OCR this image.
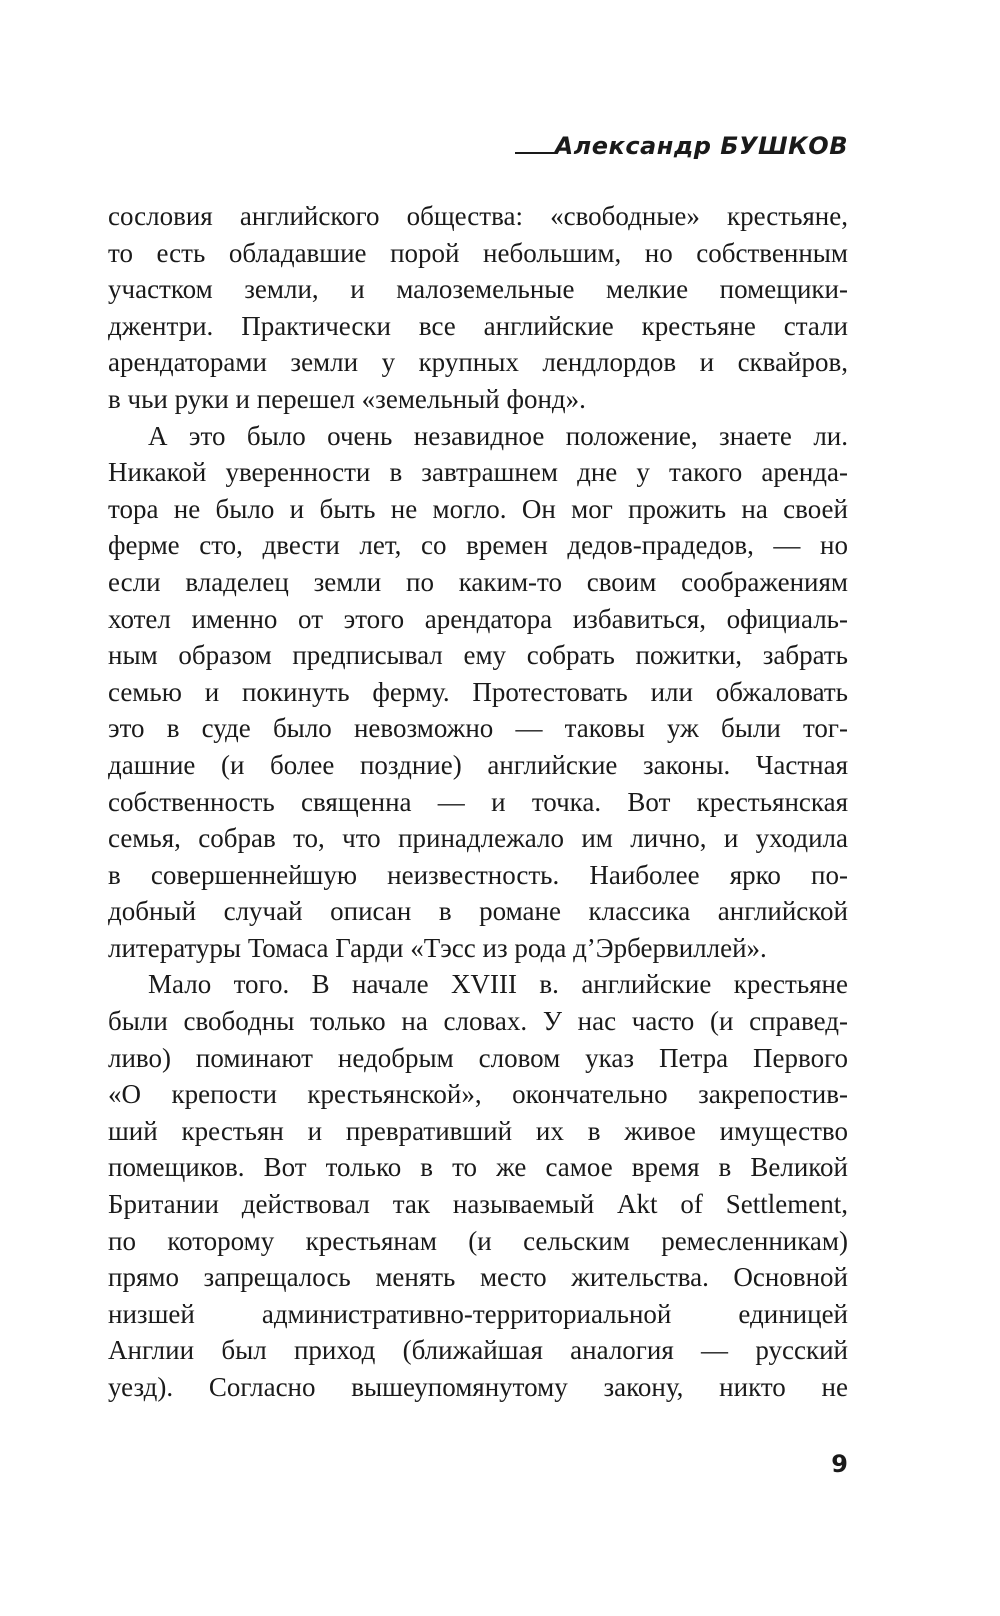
Александр БУШКОВ
сословия английского общества: «свободные» крестьяне,
то есть обладавшие порой небольшим, но собственным
участком земли, и малоземельные мелкие помещики-
джентри. Практически все английские крестьяне стали
арендаторами земли у крупных лендлордов и сквайров,
в чьи руки и перешел «земельный фонд».
А это было очень незавидное положение, знаете ли.
Никакой уверенности в завтрашнем дне у такого аренда-
тора не было и быть не могло. Он мог прожить на своей
ферме сто, двести лет, со времен дедов-прадедов, — но
если владелец земли по каким-то своим соображениям
хотел именно от этого арендатора избавиться, официаль-
ным образом предписывал ему собрать пожитки, забрать
семью и покинуть ферму. Протестовать или обжаловать
это в суде было невозможно — таковы уж были тог-
дашние (и более поздние) английские законы. Частная
собственность священна — и точка. Вот крестьянская
семья, собрав то, что принадлежало им лично, и уходила
в совершеннейшую неизвестность. Наиболее ярко по-
добный случай описан в романе классика английской
литературы Томаса Гарди «Тэсс из рода д’Эрбервиллей».
Мало того. В начале XVIII в. английские крестьяне
были свободны только на словах. У нас часто (и справед-
ливо) поминают недобрым словом указ Петра Первого
«О крепости крестьянской», окончательно закрепостив-
ший крестьян и превративший их в живое имущество
помещиков. Вот только в то же самое время в Великой
Британии действовал так называемый Akt of Settlement,
по которому крестьянам (и сельским ремесленникам)
прямо запрещалось менять место жительства. Основной
низшей административно-территориальной единицей
Англии был приход (ближайшая аналогия — русский
уезд). Согласно вышеупомянутому закону, никто не
9
